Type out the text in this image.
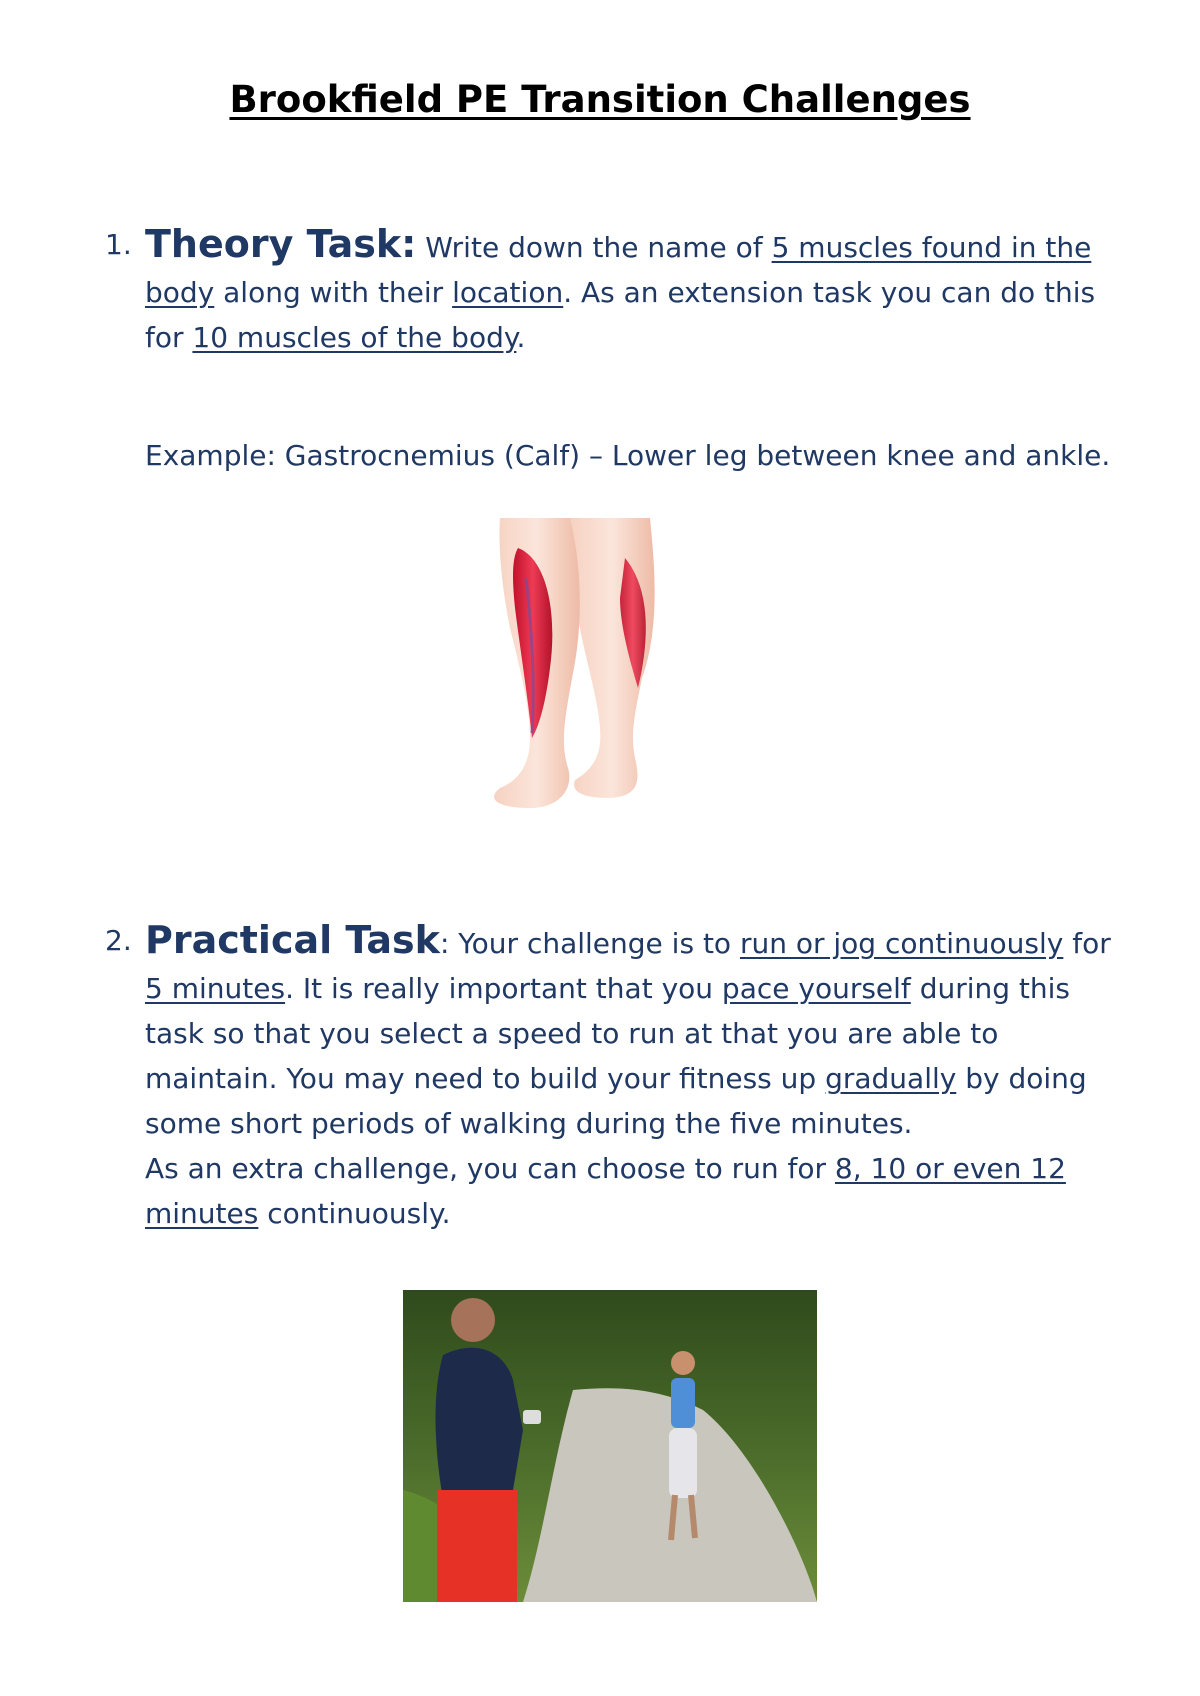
Brookfield PE Transition Challenges
1. Theory Task: Write down the name of 5 muscles found in the body along with their location. As an extension task you can do this for 10 muscles of the body.
Example: Gastrocnemius (Calf) – Lower leg between knee and ankle.
2. Practical Task: Your challenge is to run or jog continuously for 5 minutes. It is really important that you pace yourself during this task so that you select a speed to run at that you are able to maintain. You may need to build your fitness up gradually by doing some short periods of walking during the five minutes.
As an extra challenge, you can choose to run for 8, 10 or even 12 minutes continuously.
